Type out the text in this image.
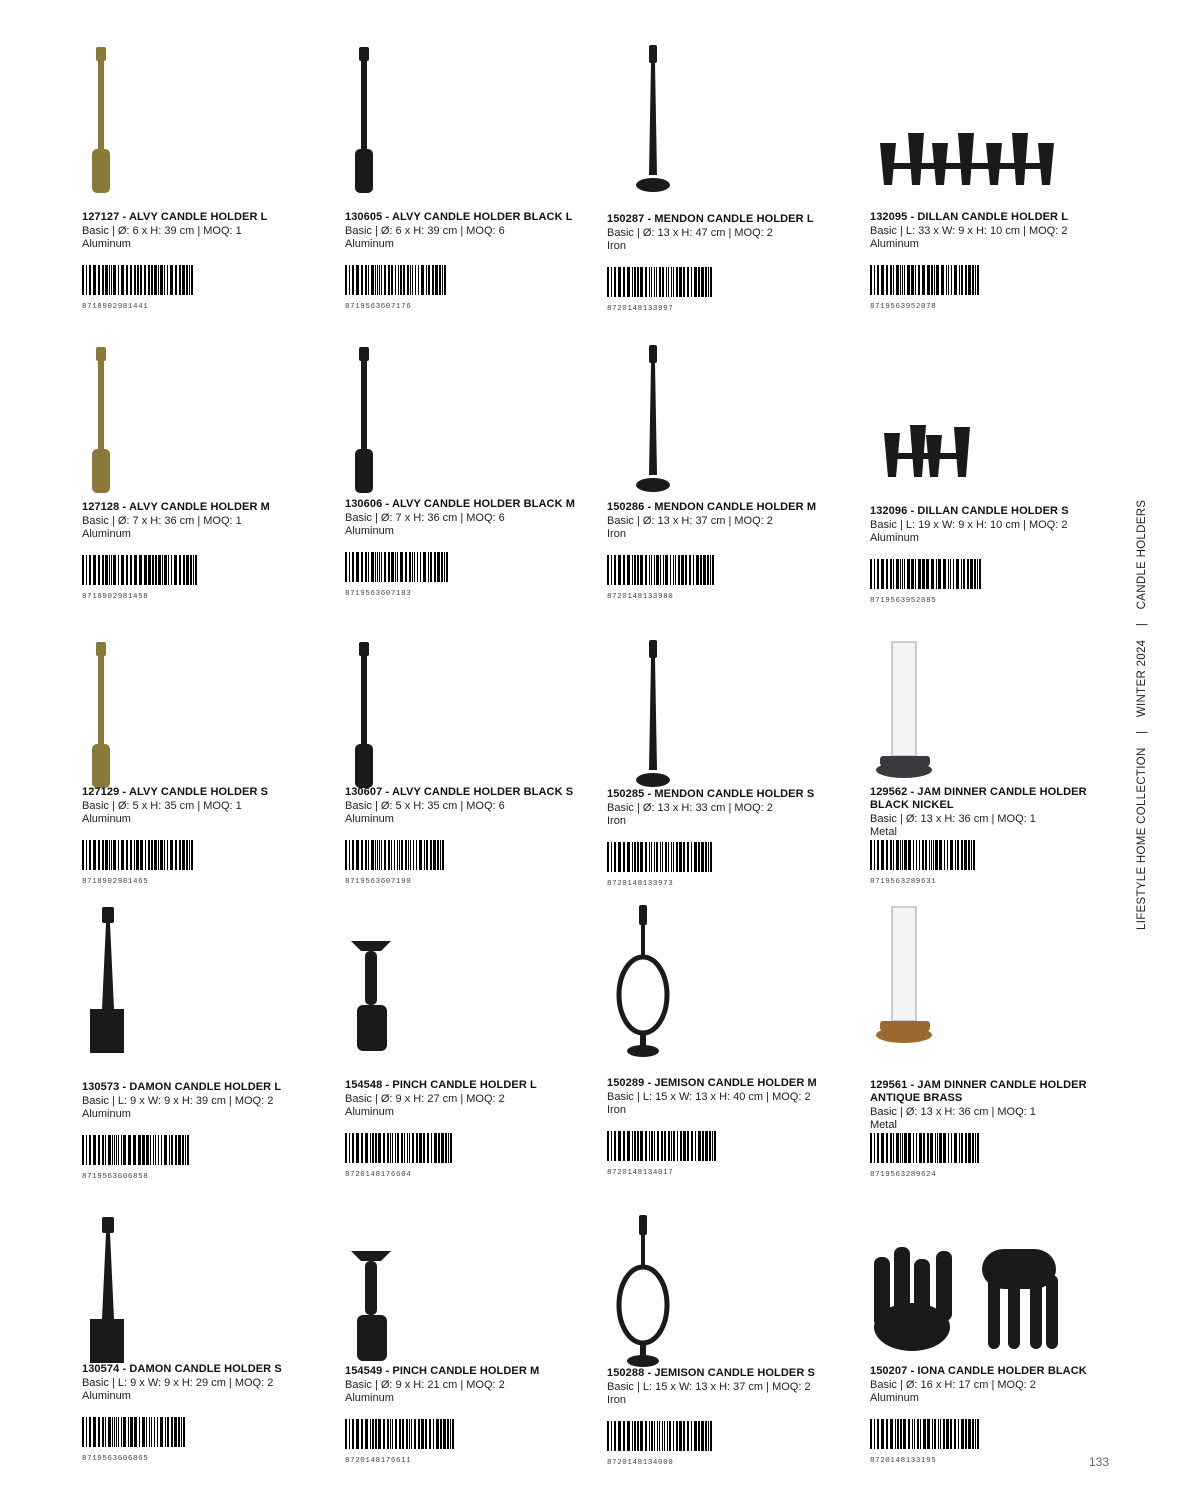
127127 - ALVY CANDLE HOLDER L
Basic | Ø: 6 x H: 39 cm | MOQ: 1
Aluminum
8718902981441
130605 - ALVY CANDLE HOLDER BLACK L
Basic | Ø: 6 x H: 39 cm | MOQ: 6
Aluminum
8719563607176
150287 - MENDON CANDLE HOLDER L
Basic | Ø: 13 x H: 47 cm | MOQ: 2
Iron
8720148133997
132095 - DILLAN CANDLE HOLDER L
Basic | L: 33 x W: 9 x H: 10 cm | MOQ: 2
Aluminum
8719563952078
127128 - ALVY CANDLE HOLDER M
Basic | Ø: 7 x H: 36 cm | MOQ: 1
Aluminum
8718902981458
130606 - ALVY CANDLE HOLDER BLACK M
Basic | Ø: 7 x H: 36 cm | MOQ: 6
Aluminum
8719563607183
150286 - MENDON CANDLE HOLDER M
Basic | Ø: 13 x H: 37 cm | MOQ: 2
Iron
8720148133980
132096 - DILLAN CANDLE HOLDER S
Basic | L: 19 x W: 9 x H: 10 cm | MOQ: 2
Aluminum
8719563952085
127129 - ALVY CANDLE HOLDER S
Basic | Ø: 5 x H: 35 cm | MOQ: 1
Aluminum
8718902981465
130607 - ALVY CANDLE HOLDER BLACK S
Basic | Ø: 5 x H: 35 cm | MOQ: 6
Aluminum
8719563607190
150285 - MENDON CANDLE HOLDER S
Basic | Ø: 13 x H: 33 cm | MOQ: 2
Iron
8720148133973
129562 - JAM DINNER CANDLE HOLDER BLACK NICKEL
Basic | Ø: 13 x H: 36 cm | MOQ: 1
Metal
8719563289631
130573 - DAMON CANDLE HOLDER L
Basic | L: 9 x W: 9 x H: 39 cm | MOQ: 2
Aluminum
8719563606858
154548 - PINCH CANDLE HOLDER L
Basic | Ø: 9 x H: 27 cm | MOQ: 2
Aluminum
8720148176604
150289 - JEMISON CANDLE HOLDER M
Basic | L: 15 x W: 13 x H: 40 cm | MOQ: 2
Iron
8720148134017
129561 - JAM DINNER CANDLE HOLDER ANTIQUE BRASS
Basic | Ø: 13 x H: 36 cm | MOQ: 1
Metal
8719563289624
130574 - DAMON CANDLE HOLDER S
Basic | L: 9 x W: 9 x H: 29 cm | MOQ: 2
Aluminum
8719563606865
154549 - PINCH CANDLE HOLDER M
Basic | Ø: 9 x H: 21 cm | MOQ: 2
Aluminum
8720148176611
150288 - JEMISON CANDLE HOLDER S
Basic | L: 15 x W: 13 x H: 37 cm | MOQ: 2
Iron
8720148134000
150207 - IONA CANDLE HOLDER BLACK
Basic | Ø: 16 x H: 17 cm | MOQ: 2
Aluminum
8720148133195
LIFESTYLE HOME COLLECTION | WINTER 2024 | CANDLE HOLDERS
133
